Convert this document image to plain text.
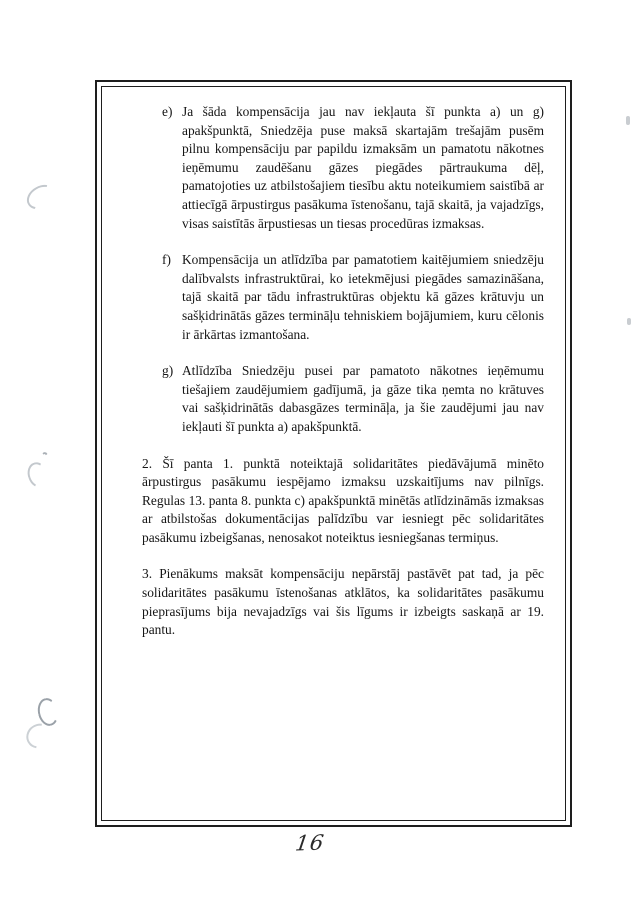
e) Ja šāda kompensācija jau nav iekļauta šī punkta a) un g) apakšpunktā, Sniedzēja puse maksā skartajām trešajām pusēm pilnu kompensāciju par papildu izmaksām un pamatotu nākotnes ieņēmumu zaudēšanu gāzes piegādes pārtraukuma dēļ, pamatojoties uz atbilstošajiem tiesību aktu noteikumiem saistībā ar attiecīgā ārpustirgus pasākuma īstenošanu, tajā skaitā, ja vajadzīgs, visas saistītās ārpustiesas un tiesas procedūras izmaksas.
f) Kompensācija un atlīdzība par pamatotiem kaitējumiem sniedzēju dalībvalsts infrastruktūrai, ko ietekmējusi piegādes samazināšana, tajā skaitā par tādu infrastruktūras objektu kā gāzes krātuvju un sašķidrinātās gāzes termināļu tehniskiem bojājumiem, kuru cēlonis ir ārkārtas izmantošana.
g) Atlīdzība Sniedzēju pusei par pamatoto nākotnes ieņēmumu tiešajiem zaudējumiem gadījumā, ja gāze tika ņemta no krātuves vai sašķidrinātās dabasgāzes termināļa, ja šie zaudējumi jau nav iekļauti šī punkta a) apakšpunktā.

2. Šī panta 1. punktā noteiktajā solidaritātes piedāvājumā minēto ārpustirgus pasākumu iespējamo izmaksu uzskaitījums nav pilnīgs. Regulas 13. panta 8. punkta c) apakšpunktā minētās atlīdzināmās izmaksas ar atbilstošas dokumentācijas palīdzību var iesniegt pēc solidaritātes pasākumu izbeigšanas, nenosakot noteiktus iesniegšanas termiņus.

3. Pienākums maksāt kompensāciju nepārstāj pastāvēt pat tad, ja pēc solidaritātes pasākumu īstenošanas atklātos, ka solidaritātes pasākumu pieprasījums bija nevajadzīgs vai šis līgums ir izbeigts saskaņā ar 19. pantu.

16
